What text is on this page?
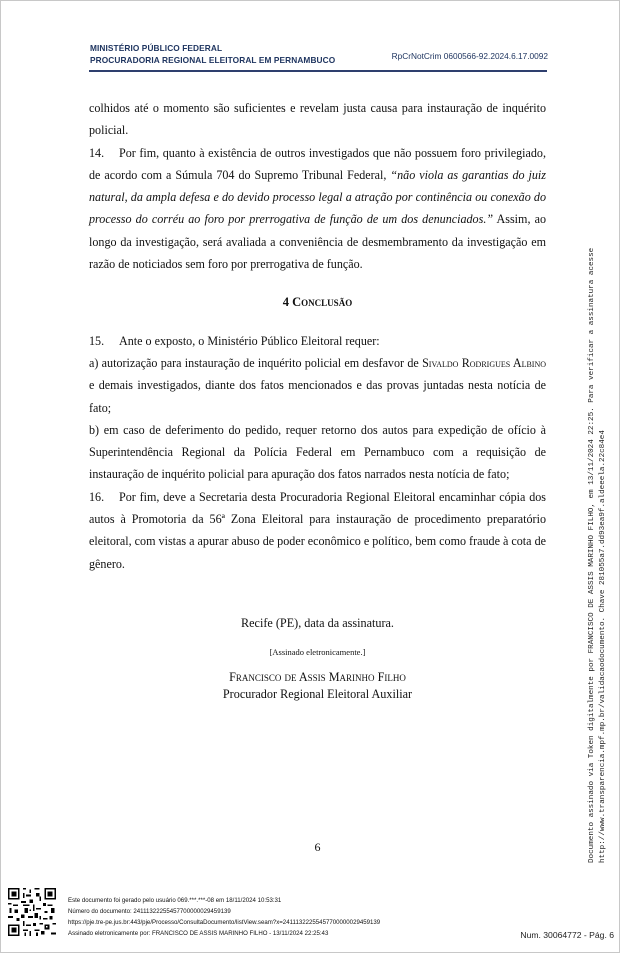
MINISTÉRIO PÚBLICO FEDERAL
PROCURADORIA REGIONAL ELEITORAL EM PERNAMBUCO	RpCrNotCrim 0600566-92.2024.6.17.0092

colhidos até o momento são suficientes e revelam justa causa para instauração de inquérito policial.

14. Por fim, quanto à existência de outros investigados que não possuem foro privilegiado, de acordo com a Súmula 704 do Supremo Tribunal Federal, “não viola as garantias do juiz natural, da ampla defesa e do devido processo legal a atração por continência ou conexão do processo do corréu ao foro por prerrogativa de função de um dos denunciados.” Assim, ao longo da investigação, será avaliada a conveniência de desmembramento da investigação em razão de noticiados sem foro por prerrogativa de função.

4 Conclusão

15. Ante o exposto, o Ministério Público Eleitoral requer:

a) autorização para instauração de inquérito policial em desfavor de Sivaldo Rodrigues Albino e demais investigados, diante dos fatos mencionados e das provas juntadas nesta notícia de fato;

b) em caso de deferimento do pedido, requer retorno dos autos para expedição de ofício à Superintendência Regional da Polícia Federal em Pernambuco com a requisição de instauração de inquérito policial para apuração dos fatos narrados nesta notícia de fato;

16. Por fim, deve a Secretaria desta Procuradoria Regional Eleitoral encaminhar cópia dos autos à Promotoria da 56ª Zona Eleitoral para instauração de procedimento preparatório eleitoral, com vistas a apurar abuso de poder econômico e político, bem como fraude à cota de gênero.

Recife (PE), data da assinatura.
[Assinado eletronicamente.]
Francisco de Assis Marinho Filho
Procurador Regional Eleitoral Auxiliar
6	Documento assinado via Token digitalmente por FRANCISCO DE ASSIS MARINHO FILHO, em 13/11/2024 22:25. Para verificar a assinatura acesse http://www.transparencia.mpf.mp.br/validacaodocumento. Chave 281055a7.dd93ea9f.aldeeela.22c84e4
Este documento foi gerado pelo usuário 069.***.***-08 em 18/11/2024 10:53:31
Número do documento: 24111322255457700000029459139
https://pje.tre-pe.jus.br:443/pje/Processo/ConsultaDocumento/listView.seam?x=24111322255457700000029459139
Assinado eletronicamente por: FRANCISCO DE ASSIS MARINHO FILHO - 13/11/2024 22:25:43	Num. 30064772 - Pág. 6
